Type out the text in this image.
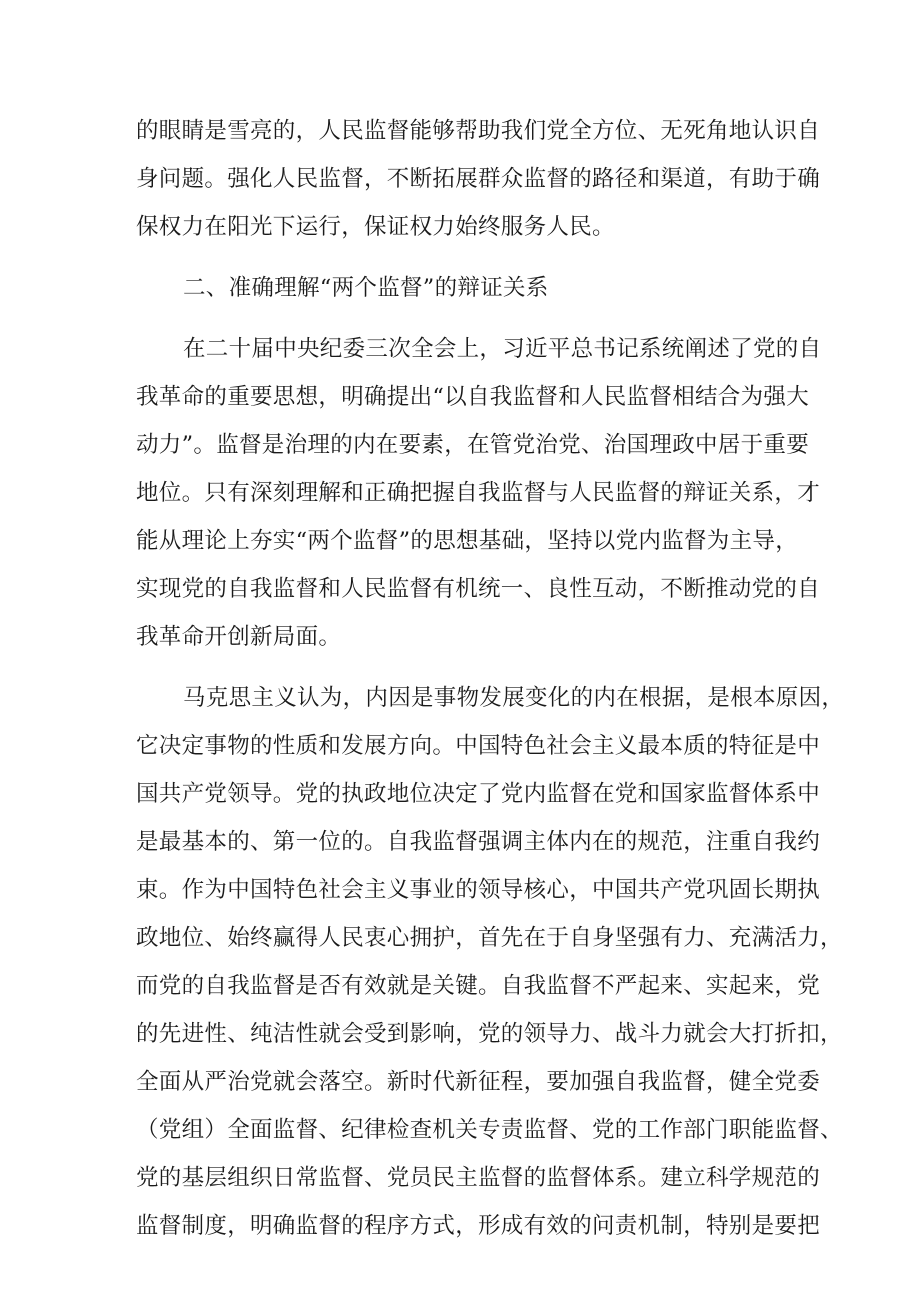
的眼睛是雪亮的，人民监督能够帮助我们党全方位、无死角地认识自
身问题。强化人民监督，不断拓展群众监督的路径和渠道，有助于确
保权力在阳光下运行，保证权力始终服务人民。
二、准确理解“两个监督”的辩证关系
在二十届中央纪委三次全会上，习近平总书记系统阐述了党的自
我革命的重要思想，明确提出“以自我监督和人民监督相结合为强大
动力”。监督是治理的内在要素，在管党治党、治国理政中居于重要
地位。只有深刻理解和正确把握自我监督与人民监督的辩证关系，才
能从理论上夯实“两个监督”的思想基础，坚持以党内监督为主导，
实现党的自我监督和人民监督有机统一、良性互动，不断推动党的自
我革命开创新局面。
马克思主义认为，内因是事物发展变化的内在根据，是根本原因，
它决定事物的性质和发展方向。中国特色社会主义最本质的特征是中
国共产党领导。党的执政地位决定了党内监督在党和国家监督体系中
是最基本的、第一位的。自我监督强调主体内在的规范，注重自我约
束。作为中国特色社会主义事业的领导核心，中国共产党巩固长期执
政地位、始终赢得人民衷心拥护，首先在于自身坚强有力、充满活力，
而党的自我监督是否有效就是关键。自我监督不严起来、实起来，党
的先进性、纯洁性就会受到影响，党的领导力、战斗力就会大打折扣，
全面从严治党就会落空。新时代新征程，要加强自我监督，健全党委
（党组）全面监督、纪律检查机关专责监督、党的工作部门职能监督、
党的基层组织日常监督、党员民主监督的监督体系。建立科学规范的
监督制度，明确监督的程序方式，形成有效的问责机制，特别是要把
